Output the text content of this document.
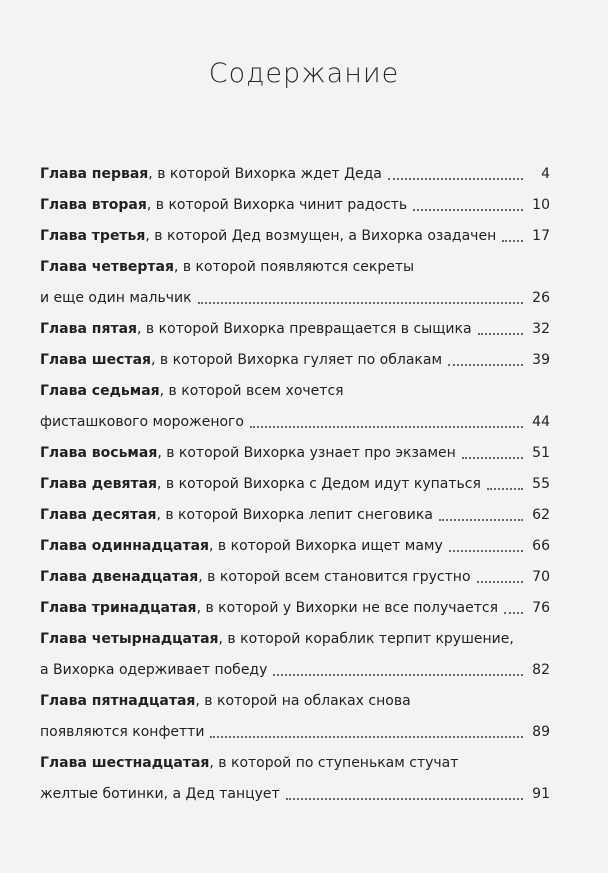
Содержание
Глава первая , в которой Вихорка ждет Деда	4
Глава вторая , в которой Вихорка чинит радость	10
Глава третья , в которой Дед возмущен, а Вихорка озадачен	17
Глава четвертая , в которой появляются секреты
и еще один мальчик	26
Глава пятая , в которой Вихорка превращается в сыщика	32
Глава шестая , в которой Вихорка гуляет по облакам	39
Глава седьмая , в которой всем хочется
фисташкового мороженого	44
Глава восьмая , в которой Вихорка узнает про экзамен	51
Глава девятая , в которой Вихорка с Дедом идут купаться	55
Глава десятая , в которой Вихорка лепит снеговика	62
Глава одиннадцатая , в которой Вихорка ищет маму	66
Глава двенадцатая , в которой всем становится грустно	70
Глава тринадцатая , в которой у Вихорки не все получается	76
Глава четырнадцатая , в которой кораблик терпит крушение,
а Вихорка одерживает победу	82
Глава пятнадцатая , в которой на облаках снова
появляются конфетти	89
Глава шестнадцатая , в которой по ступенькам стучат
желтые ботинки, а Дед танцует	91
